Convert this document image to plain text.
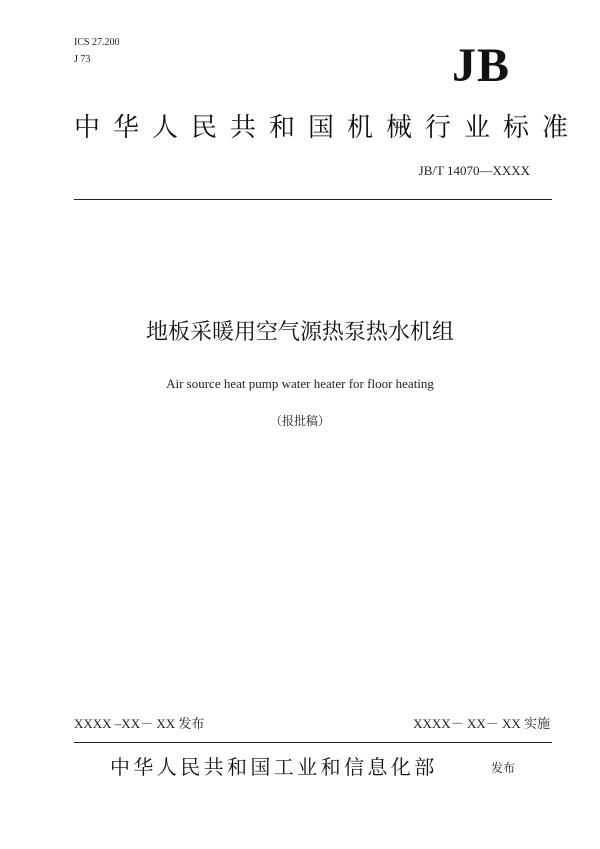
ICS 27.200
J 73	JB
中华人民共和国机械行业标准
JB/T 14070—XXXX
地板采暖用空气源热泵热水机组
Air source heat pump water heater for floor heating
（报批稿）
XXXX –XX－ XX 发布	XXXX－ XX－ XX 实施
中华人民共和国工业和信息化部	发布
